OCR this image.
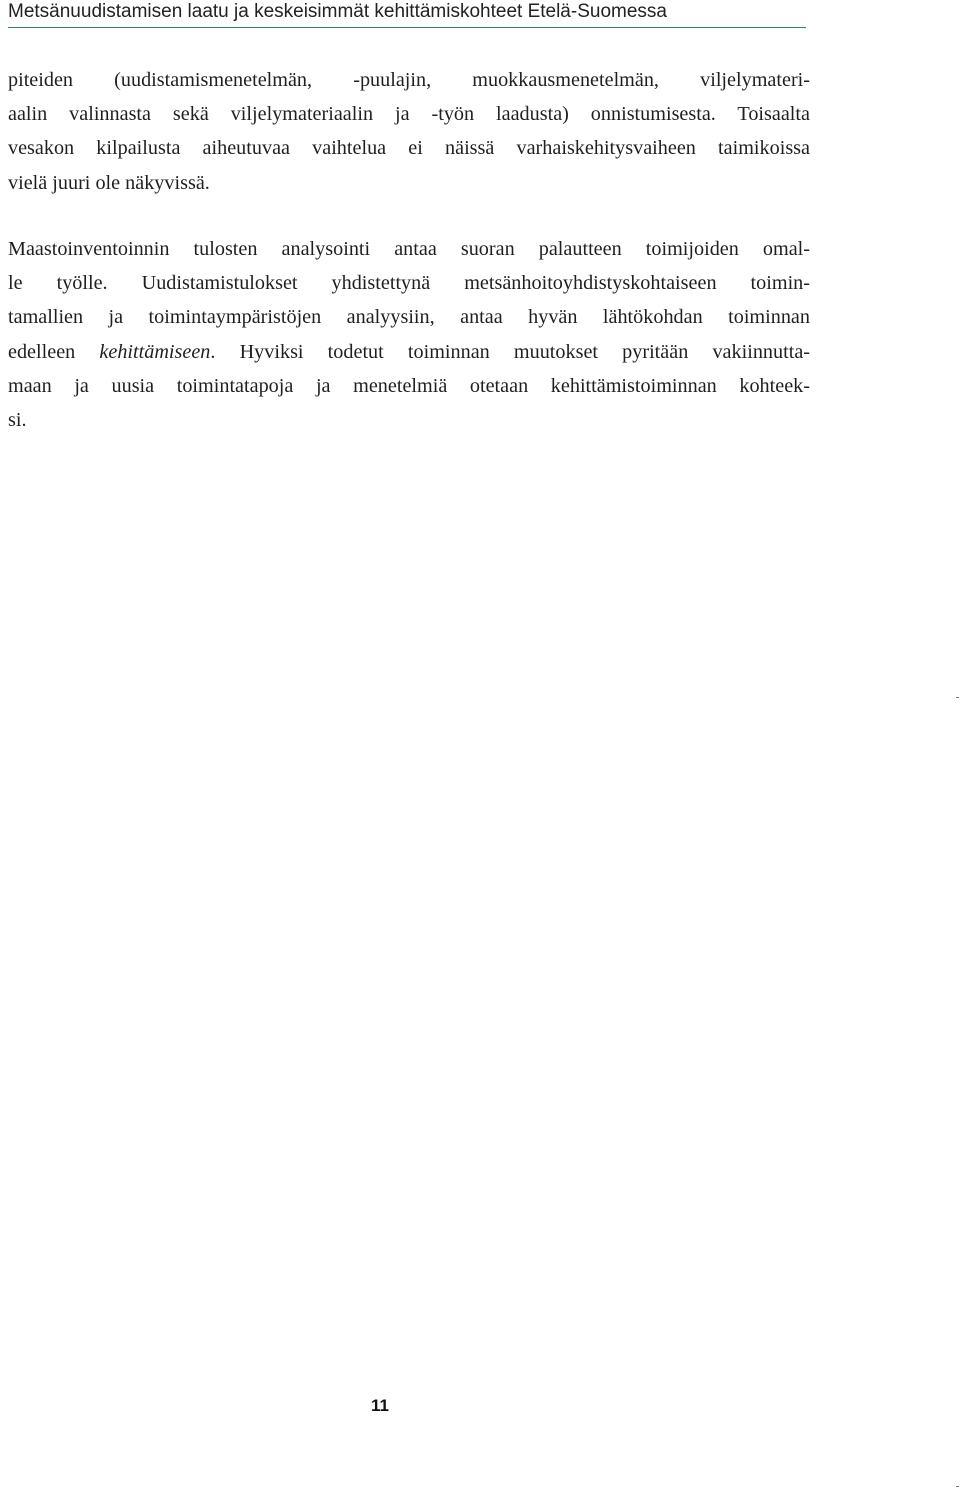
Metsänuudistamisen laatu ja keskeisimmät kehittämiskohteet Etelä-Suomessa
piteiden (uudistamismenetelmän, -puulajin, muokkausmenetelmän, viljelymateri-
aalin valinnasta sekä viljelymateriaalin ja -työn laadusta) onnistumisesta. Toisaalta
vesakon kilpailusta aiheutuvaa vaihtelua ei näissä varhaiskehitysvaiheen taimikoissa
vielä juuri ole näkyvissä.
Maastoinventoinnin tulosten analysointi antaa suoran palautteen toimijoiden omal-
le työlle. Uudistamistulokset yhdistettynä metsänhoitoyhdistyskohtaiseen toimin-
tamallien ja toimintaympäristöjen analyysiin, antaa hyvän lähtökohdan toiminnan
edelleen kehittämiseen. Hyviksi todetut toiminnan muutokset pyritään vakiinnutta-
maan ja uusia toimintatapoja ja menetelmiä otetaan kehittämistoiminnan kohteek-
si.
11
